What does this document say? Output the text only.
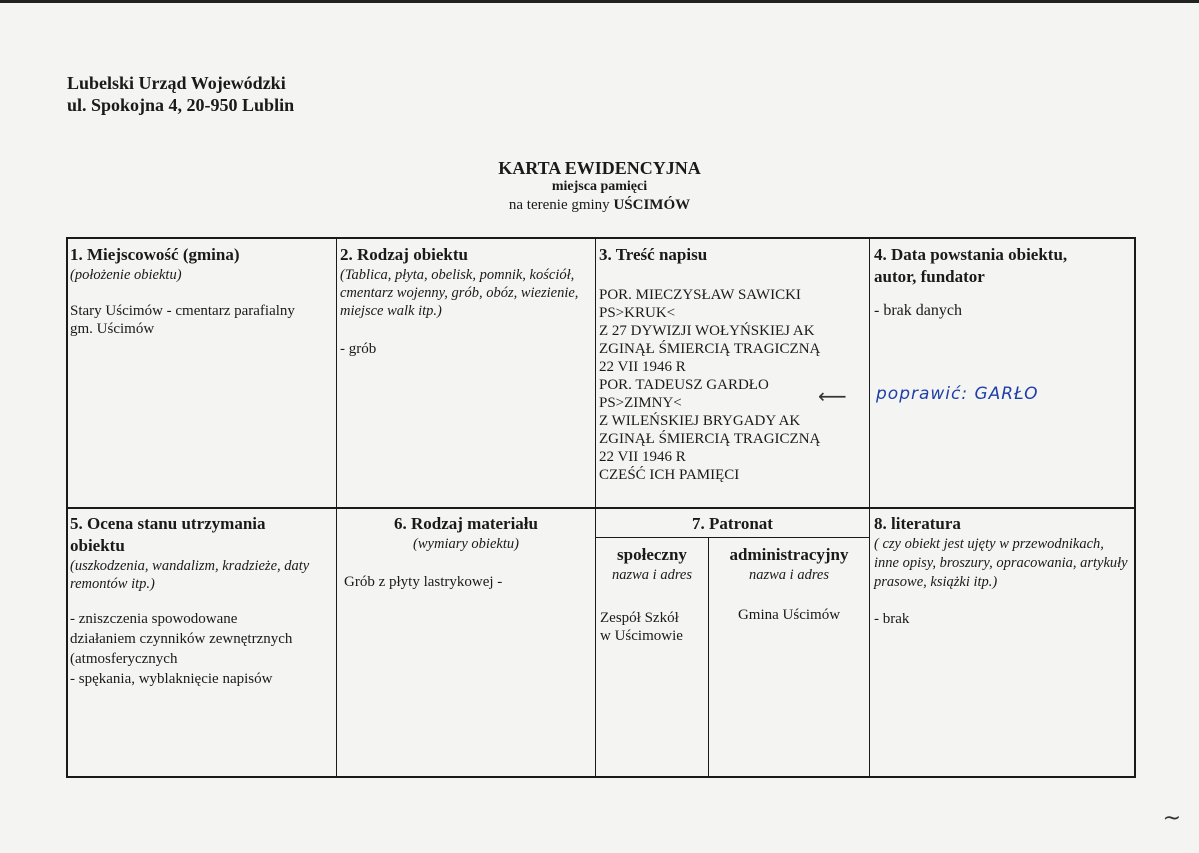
Lubelski Urząd Wojewódzki
ul. Spokojna 4, 20-950 Lublin
KARTA EWIDENCYJNA
miejsca pamięci
na terenie gminy UŚCIMÓW
1. Miejscowość (gmina)
(położenie obiektu)
Stary Uścimów - cmentarz parafialny
gm. Uścimów
2. Rodzaj obiektu
(Tablica, płyta, obelisk, pomnik, kościół, cmentarz wojenny, grób, obóz, wiezienie, miejsce walk itp.)
- grób
3. Treść napisu
POR. MIECZYSŁAW SAWICKI
PS>KRUK<
Z 27 DYWIZJI WOŁYŃSKIEJ AK
ZGINĄŁ ŚMIERCIĄ TRAGICZNĄ
22 VII 1946 R
POR. TADEUSZ GARDŁO
PS>ZIMNY<
Z WILEŃSKIEJ BRYGADY AK
ZGINĄŁ ŚMIERCIĄ TRAGICZNĄ
22 VII 1946 R
CZEŚĆ ICH PAMIĘCI
⟵
4. Data powstania obiektu,
autor, fundator
- brak danych
poprawić: GARŁO
5. Ocena stanu utrzymania
obiektu
(uszkodzenia, wandalizm, kradzieże, daty remontów itp.)
- zniszczenia spowodowane
działaniem czynników zewnętrznych
(atmosferycznych
- spękania, wyblaknięcie napisów
6. Rodzaj materiału
(wymiary obiektu)
Grób z płyty lastrykowej -
7. Patronat
społeczny
nazwa i adres
Zespół Szkół
w Uścimowie
administracyjny
nazwa i adres
Gmina Uścimów
8. literatura
( czy obiekt jest ujęty w przewodnikach, inne opisy, broszury, opracowania, artykuły prasowe, książki itp.)
- brak
~
